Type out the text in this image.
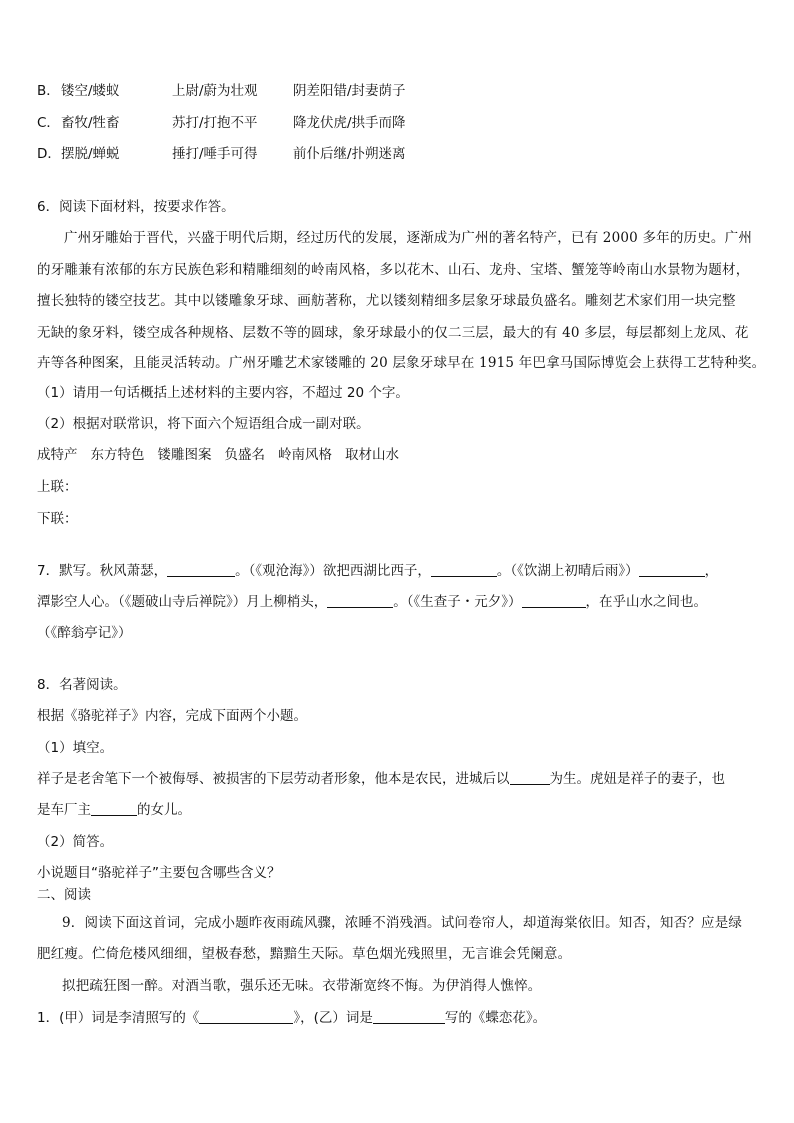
B．镂空/蝼蚁	上尉/蔚为壮观	阴差阳错/封妻荫子
C．畜牧/牲畜	苏打/打抱不平	降龙伏虎/拱手而降
D．摆脱/蝉蜕	捶打/唾手可得	前仆后继/扑朔迷离
6．阅读下面材料，按要求作答。
广州牙雕始于晋代，兴盛于明代后期，经过历代的发展，逐渐成为广州的著名特产，已有 2000 多年的历史。广州
的牙雕兼有浓郁的东方民族色彩和精雕细刻的岭南风格，多以花木、山石、龙舟、宝塔、蟹笼等岭南山水景物为题材，
擅长独特的镂空技艺。其中以镂雕象牙球、画舫著称，尤以镂刻精细多层象牙球最负盛名。雕刻艺术家们用一块完整
无缺的象牙料，镂空成各种规格、层数不等的圆球，象牙球最小的仅二三层，最大的有 40 多层，每层都刻上龙凤、花
卉等各种图案，且能灵活转动。广州牙雕艺术家镂雕的 20 层象牙球早在 1915 年巴拿马国际博览会上获得工艺特种奖。
（1）请用一句话概括上述材料的主要内容，不超过 20 个字。
（2）根据对联常识，将下面六个短语组合成一副对联。
成特产 东方特色 镂雕图案 负盛名 岭南风格 取材山水
上联：
下联：
7．默写。秋风萧瑟，	。（《观沧海》）欲把西湖比西子，	。（《饮湖上初晴后雨》）	，
潭影空人心。（《题破山寺后禅院》）月上柳梢头，	。（《生查子・元夕》）	，在乎山水之间也。
（《醉翁亭记》）
8．名著阅读。
根据《骆驼祥子》内容，完成下面两个小题。
（1）填空。
祥子是老舍笔下一个被侮辱、被损害的下层劳动者形象，他本是农民，进城后以	为生。虎妞是祥子的妻子，也
是车厂主	的女儿。
（2）简答。
小说题目“骆驼祥子”主要包含哪些含义？
二、阅读
9．阅读下面这首词，完成小题昨夜雨疏风骤，浓睡不消残酒。试问卷帘人，却道海棠依旧。知否，知否？应是绿
肥红瘦。伫倚危楼风细细，望极春愁，黯黯生天际。草色烟光残照里，无言谁会凭阑意。
拟把疏狂图一醉。对酒当歌，强乐还无味。衣带渐宽终不悔。为伊消得人憔悴。
1．(甲）词是李清照写的《	》，(乙）词是	写的《蝶恋花》。
